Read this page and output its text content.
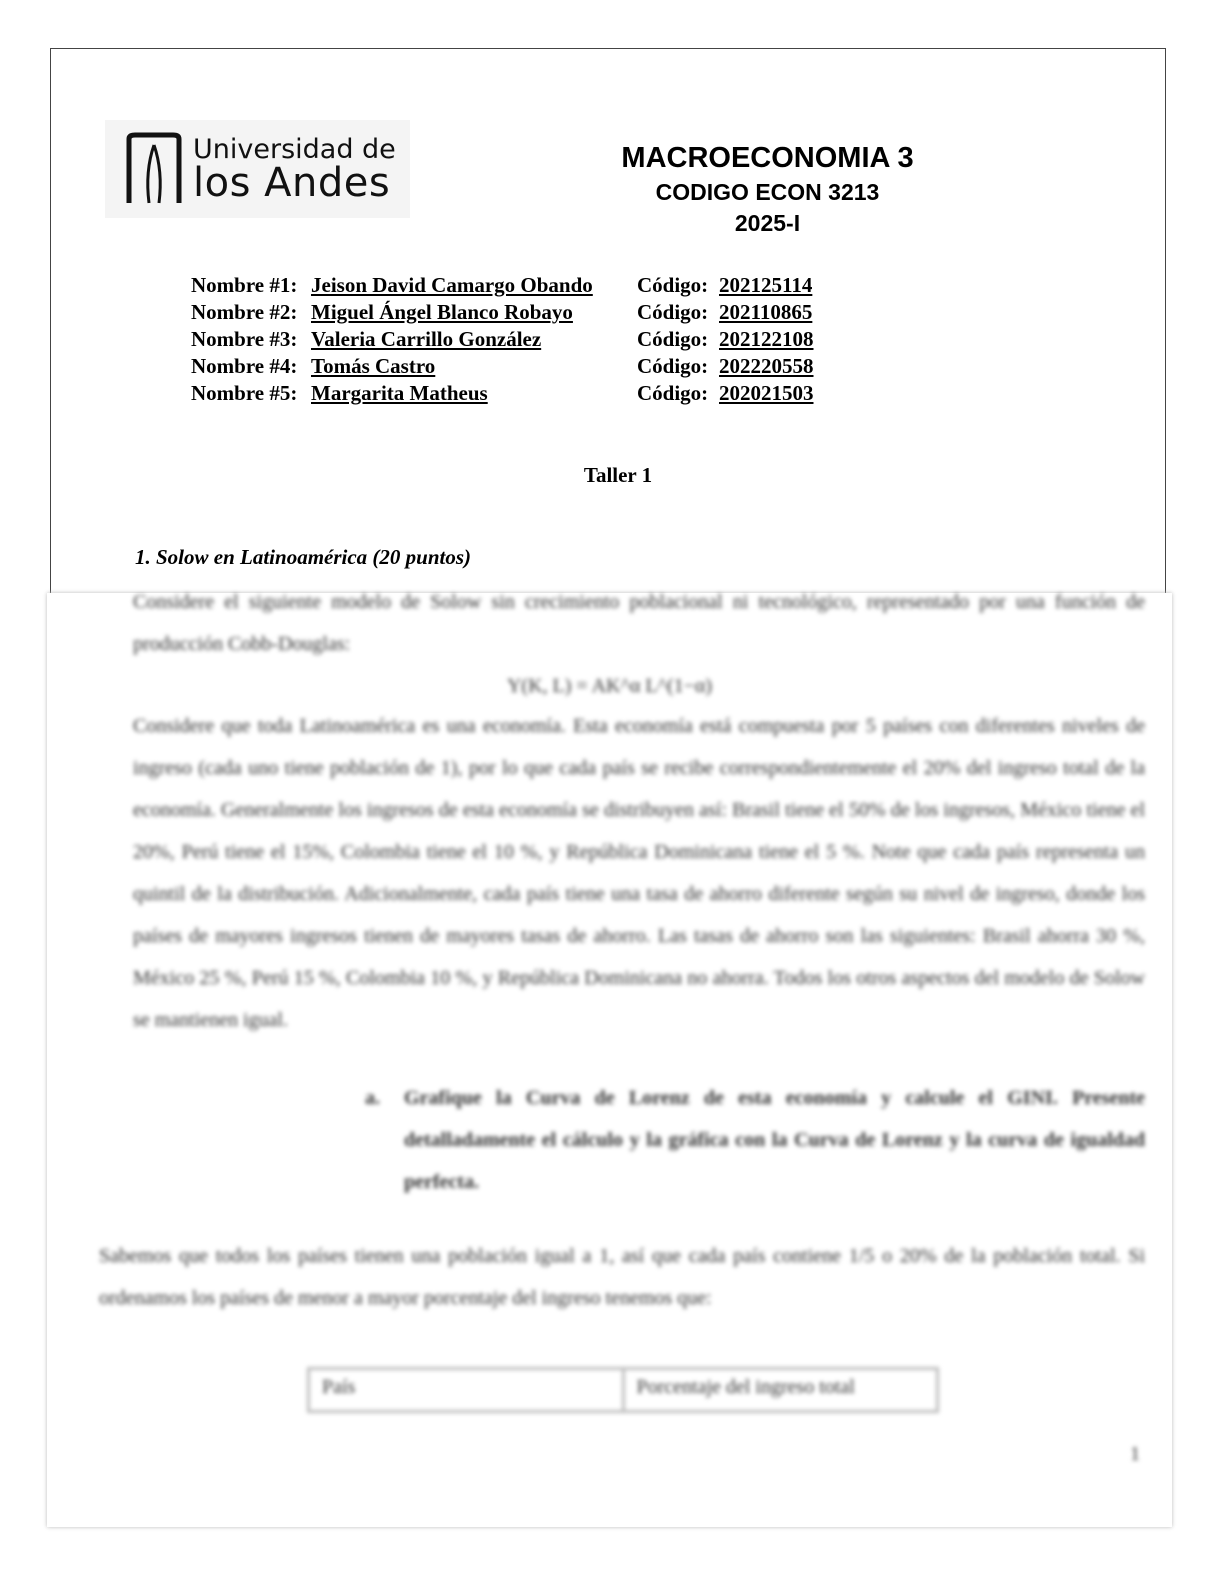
Universidad de
los Andes
MACROECONOMIA 3
CODIGO ECON 3213
2025-I
Nombre #1: Jeison David Camargo Obando	Código: 202125114
Nombre #2: Miguel Ángel Blanco Robayo	Código: 202110865
Nombre #3: Valeria Carrillo González	Código: 202122108
Nombre #4: Tomás Castro	Código: 202220558
Nombre #5: Margarita Matheus	Código: 202021503
Taller 1
1. Solow en Latinoamérica (20 puntos)
Considere el siguiente modelo de Solow sin crecimiento poblacional ni tecnológico, representado por una función de producción Cobb-Douglas:
Y(K, L) = AK^α L^(1−α)
Considere que toda Latinoamérica es una economía. Esta economía está compuesta por 5 países con diferentes niveles de ingreso (cada uno tiene población de 1), por lo que cada país se recibe correspondientemente el 20% del ingreso total de la economía. Generalmente los ingresos de esta economía se distribuyen así: Brasil tiene el 50% de los ingresos, México tiene el 20%, Perú tiene el 15%, Colombia tiene el 10 %, y República Dominicana tiene el 5 %. Note que cada país representa un quintil de la distribución. Adicionalmente, cada país tiene una tasa de ahorro diferente según su nivel de ingreso, donde los países de mayores ingresos tienen de mayores tasas de ahorro. Las tasas de ahorro son las siguientes: Brasil ahorra 30 %, México 25 %, Perú 15 %, Colombia 10 %, y República Dominicana no ahorra. Todos los otros aspectos del modelo de Solow se mantienen igual.
a.	Grafique la Curva de Lorenz de esta economía y calcule el GINI. Presente detalladamente el cálculo y la gráfica con la Curva de Lorenz y la curva de igualdad perfecta.
Sabemos que todos los países tienen una población igual a 1, así que cada país contiene 1/5 o 20% de la población total. Si ordenamos los países de menor a mayor porcentaje del ingreso tenemos que:
País	Porcentaje del ingreso total
1
